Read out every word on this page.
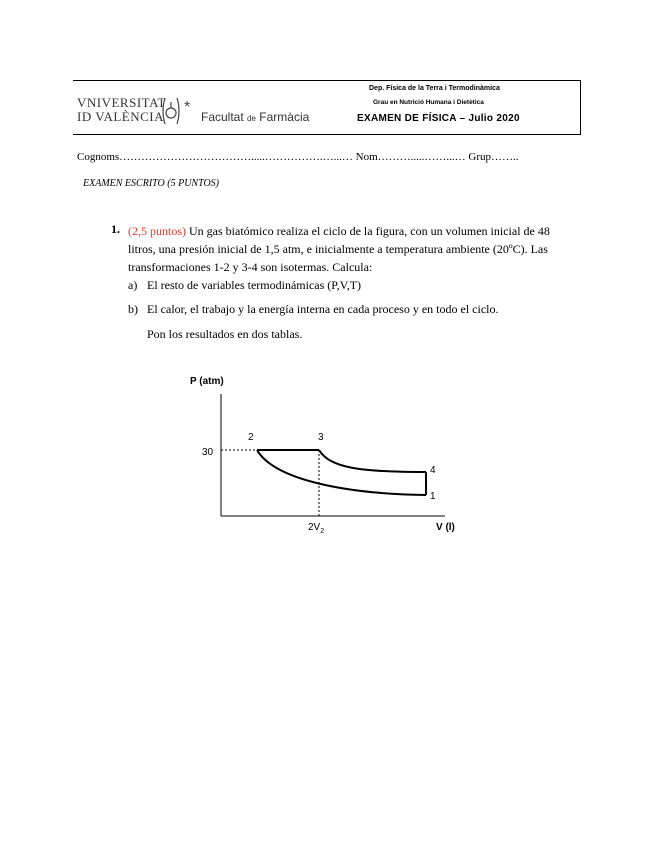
VNIVERSITAT
ID VALÈNCIA
*
Facultat de Farmàcia
Dep. Física de la Terra i Termodinàmica
Grau en Nutrició Humana i Dietètica
EXAMEN DE FÍSICA – Julio 2020
Cognoms……………………………….....…………….…...… Nom……….....……...… Grup……..
EXAMEN ESCRITO (5 PUNTOS)
1. (2,5 puntos) Un gas biatómico realiza el ciclo de la figura, con un volumen inicial de 48 litros, una presión inicial de 1,5 atm, e inicialmente a temperatura ambiente (20ºC). Las transformaciones 1-2 y 3-4 son isotermas. Calcula:
a) El resto de variables termodinámicas (P,V,T)
b) El calor, el trabajo y la energía interna en cada proceso y en todo el ciclo.
Pon los resultados en dos tablas.
P (atm)
V (l)
30
$2V_2$
2	3
4
1
